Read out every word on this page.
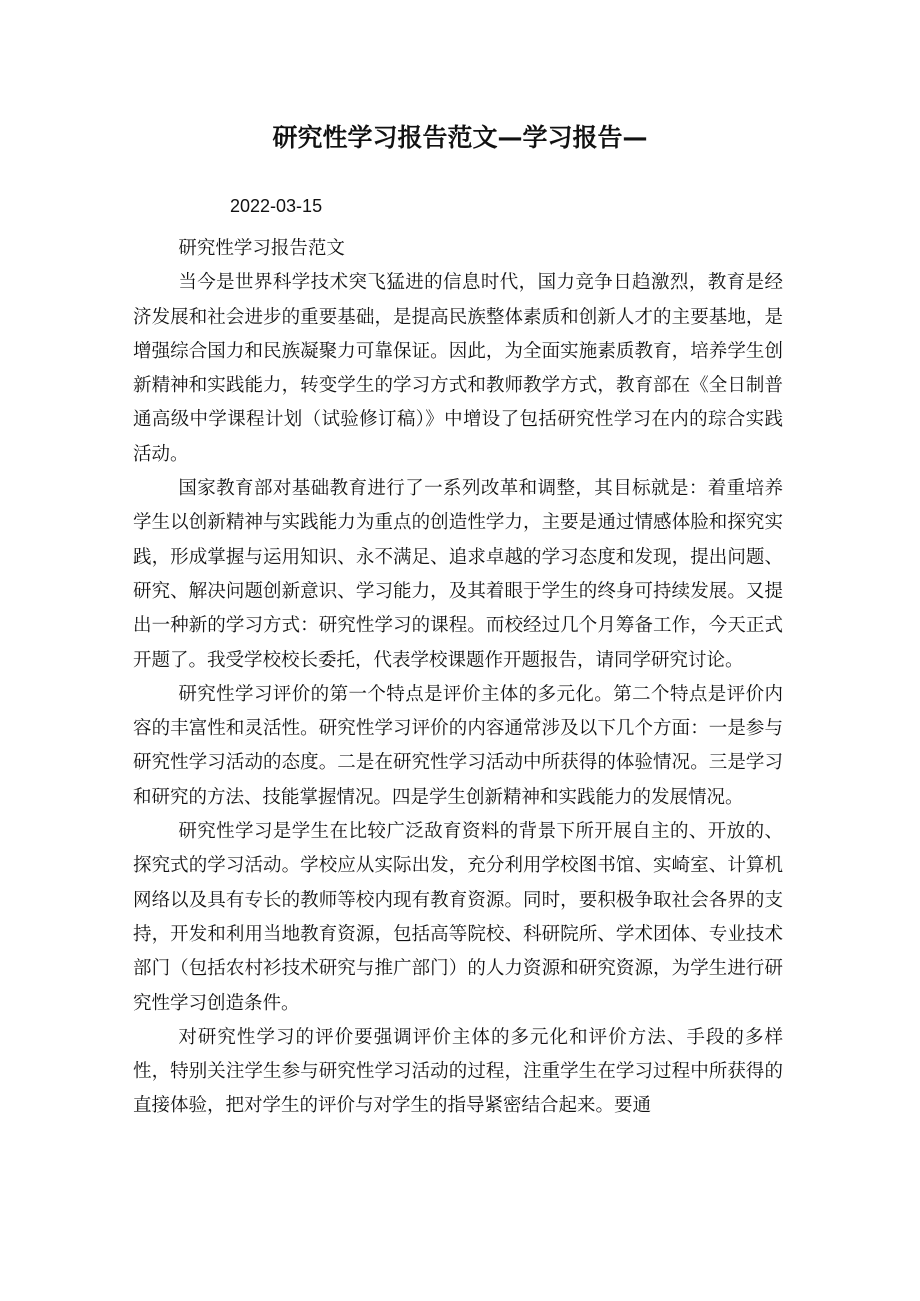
研究性学习报告范文—学习报告—
2022-03-15

研究性学习报告范文

当今是世界科学技术突飞猛进的信息时代，国力竞争日趋激烈，教育是经济发展和社会进步的重要基础，是提高民族整体素质和创新人才的主要基地，是增强综合国力和民族凝聚力可靠保证。因此，为全面实施素质教育，培养学生创新精神和实践能力，转变学生的学习方式和教师教学方式，教育部在《全日制普通高级中学课程计划（试验修订稿）》中增设了包括研究性学习在内的琮合实践活动。

国家教育部对基础教育进行了一系列改革和调整，其目标就是：着重培养学生以创新精神与实践能力为重点的创造性学力，主要是通过情感体脸和探究实践，形成掌握与运用知识、永不满足、追求卓越的学习态度和发现，提出问题、研究、解决问题创新意识、学习能力，及其着眼于学生的终身可持续发展。又提出一种新的学习方式：研究性学习的课程。而校经过几个月筹备工作，今天正式开题了。我受学校校长委托，代表学校课题作开题报告，请同学研究讨论。

研究性学习评价的第一个特点是评价主体的多元化。第二个特点是评价内容的丰富性和灵活性。研究性学习评价的内容通常涉及以下几个方面：一是参与研究性学习活动的态度。二是在研究性学习活动中所获得的体验情况。三是学习和研究的方法、技能掌握情况。四是学生创新精神和实践能力的发展情况。

研究性学习是学生在比较广泛敌育资料的背景下所开展自主的、开放的、探究式的学习活动。学校应从实际出发，充分利用学校图书馆、实崎室、计算机网络以及具有专长的教师等校内现有教育资源。同时，要积极争取社会各界的支持，开发和利用当地教育资源，包括高等院校、科研院所、学术团体、专业技术部门（包括农村衫技术研究与推广部门）的人力资源和研究资源，为学生进行研究性学习创造条件。

对研究性学习的评价要强调评价主体的多元化和评价方法、手段的多样性，特别关注学生参与研究性学习活动的过程，注重学生在学习过程中所获得的直接体验，把对学生的评价与对学生的指导紧密结合起来。要通
